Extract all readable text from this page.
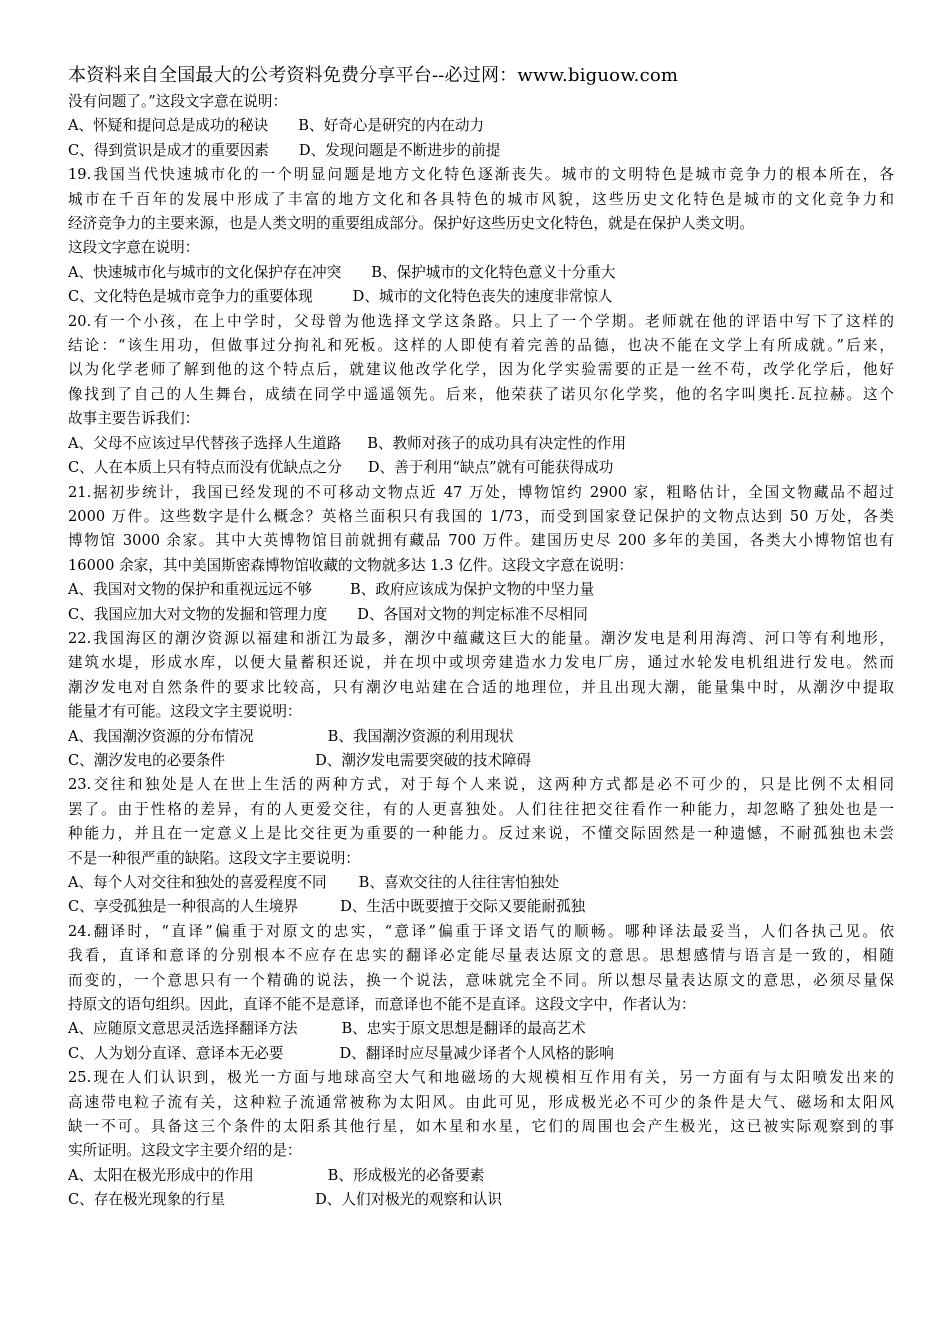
本资料来自全国最大的公考资料免费分享平台--必过网：www.biguow.com
没有问题了。”这段文字意在说明：
A、怀疑和提问总是成功的秘诀 B、好奇心是研究的内在动力
C、得到赏识是成才的重要因素 D、发现问题是不断进步的前提
19.我国当代快速城市化的一个明显问题是地方文化特色逐渐丧失。城市的文明特色是城市竞争力的根本所在，各
城市在千百年的发展中形成了丰富的地方文化和各具特色的城市风貌，这些历史文化特色是城市的文化竞争力和
经济竞争力的主要来源，也是人类文明的重要组成部分。保护好这些历史文化特色，就是在保护人类文明。
这段文字意在说明：
A、快速城市化与城市的文化保护存在冲突 B、保护城市的文化特色意义十分重大
C、文化特色是城市竞争力的重要体现	D、城市的文化特色丧失的速度非常惊人
20.有一个小孩，在上中学时，父母曾为他选择文学这条路。只上了一个学期。老师就在他的评语中写下了这样的
结论：“该生用功，但做事过分拘礼和死板。这样的人即使有着完善的品德，也决不能在文学上有所成就。”后来，
以为化学老师了解到他的这个特点后，就建议他改学化学，因为化学实验需要的正是一丝不苟，改学化学后，他好
像找到了自己的人生舞台，成绩在同学中遥遥领先。后来，他荣获了诺贝尔化学奖，他的名字叫奥托.瓦拉赫。这个
故事主要告诉我们：
A、父母不应该过早代替孩子选择人生道路 B、教师对孩子的成功具有决定性的作用
C、人在本质上只有特点而没有优缺点之分 D、善于利用“缺点”就有可能获得成功
21.据初步统计，我国已经发现的不可移动文物点近 47 万处，博物馆约 2900 家，粗略估计，全国文物藏品不超过
2000 万件。这些数字是什么概念？英格兰面积只有我国的 1/73，而受到国家登记保护的文物点达到 50 万处，各类
博物馆 3000 余家。其中大英博物馆目前就拥有藏品 700 万件。建国历史尽 200 多年的美国，各类大小博物馆也有
16000 余家，其中美国斯密森博物馆收藏的文物就多达 1.3 亿件。这段文字意在说明：
A、我国对文物的保护和重视远远不够	B、政府应该成为保护文物的中坚力量
C、我国应加大对文物的发掘和管理力度 D、各国对文物的判定标准不尽相同
22.我国海区的潮汐资源以福建和浙江为最多，潮汐中蕴藏这巨大的能量。潮汐发电是利用海湾、河口等有利地形，
建筑水堤，形成水库，以便大量蓄积还说，并在坝中或坝旁建造水力发电厂房，通过水轮发电机组进行发电。然而
潮汐发电对自然条件的要求比较高，只有潮汐电站建在合适的地理位，并且出现大潮，能量集中时，从潮汐中提取
能量才有可能。这段文字主要说明：
A、我国潮汐资源的分布情况	B、我国潮汐资源的利用现状
C、潮汐发电的必要条件	D、潮汐发电需要突破的技术障碍
23.交往和独处是人在世上生活的两种方式，对于每个人来说，这两种方式都是必不可少的，只是比例不太相同
罢了。由于性格的差异，有的人更爱交往，有的人更喜独处。人们往往把交往看作一种能力，却忽略了独处也是一
种能力，并且在一定意义上是比交往更为重要的一种能力。反过来说，不懂交际固然是一种遗憾，不耐孤独也未尝
不是一种很严重的缺陷。这段文字主要说明：
A、每个人对交往和独处的喜爱程度不同 B、喜欢交往的人往往害怕独处
C、享受孤独是一种很高的人生境界	D、生活中既要擅于交际又要能耐孤独
24.翻译时，“直译”偏重于对原文的忠实，“意译”偏重于译文语气的顺畅。哪种译法最妥当，人们各执己见。依
我看，直译和意译的分别根本不应存在忠实的翻译必定能尽量表达原文的意思。思想感情与语言是一致的，相随
而变的，一个意思只有一个精确的说法，换一个说法，意味就完全不同。所以想尽量表达原文的意思，必须尽量保
持原文的语句组织。因此，直译不能不是意译，而意译也不能不是直译。这段文字中，作者认为：
A、应随原文意思灵活选择翻译方法	B、忠实于原文思想是翻译的最高艺术
C、人为划分直译、意译本无必要	D、翻译时应尽量减少译者个人风格的影响
25.现在人们认识到，极光一方面与地球高空大气和地磁场的大规模相互作用有关，另一方面有与太阳喷发出来的
高速带电粒子流有关，这种粒子流通常被称为太阳风。由此可见，形成极光必不可少的条件是大气、磁场和太阳风
缺一不可。具备这三个条件的太阳系其他行星，如木星和水星，它们的周围也会产生极光，这已被实际观察到的事
实所证明。这段文字主要介绍的是：
A、太阳在极光形成中的作用	B、形成极光的必备要素
C、存在极光现象的行星	D、人们对极光的观察和认识
